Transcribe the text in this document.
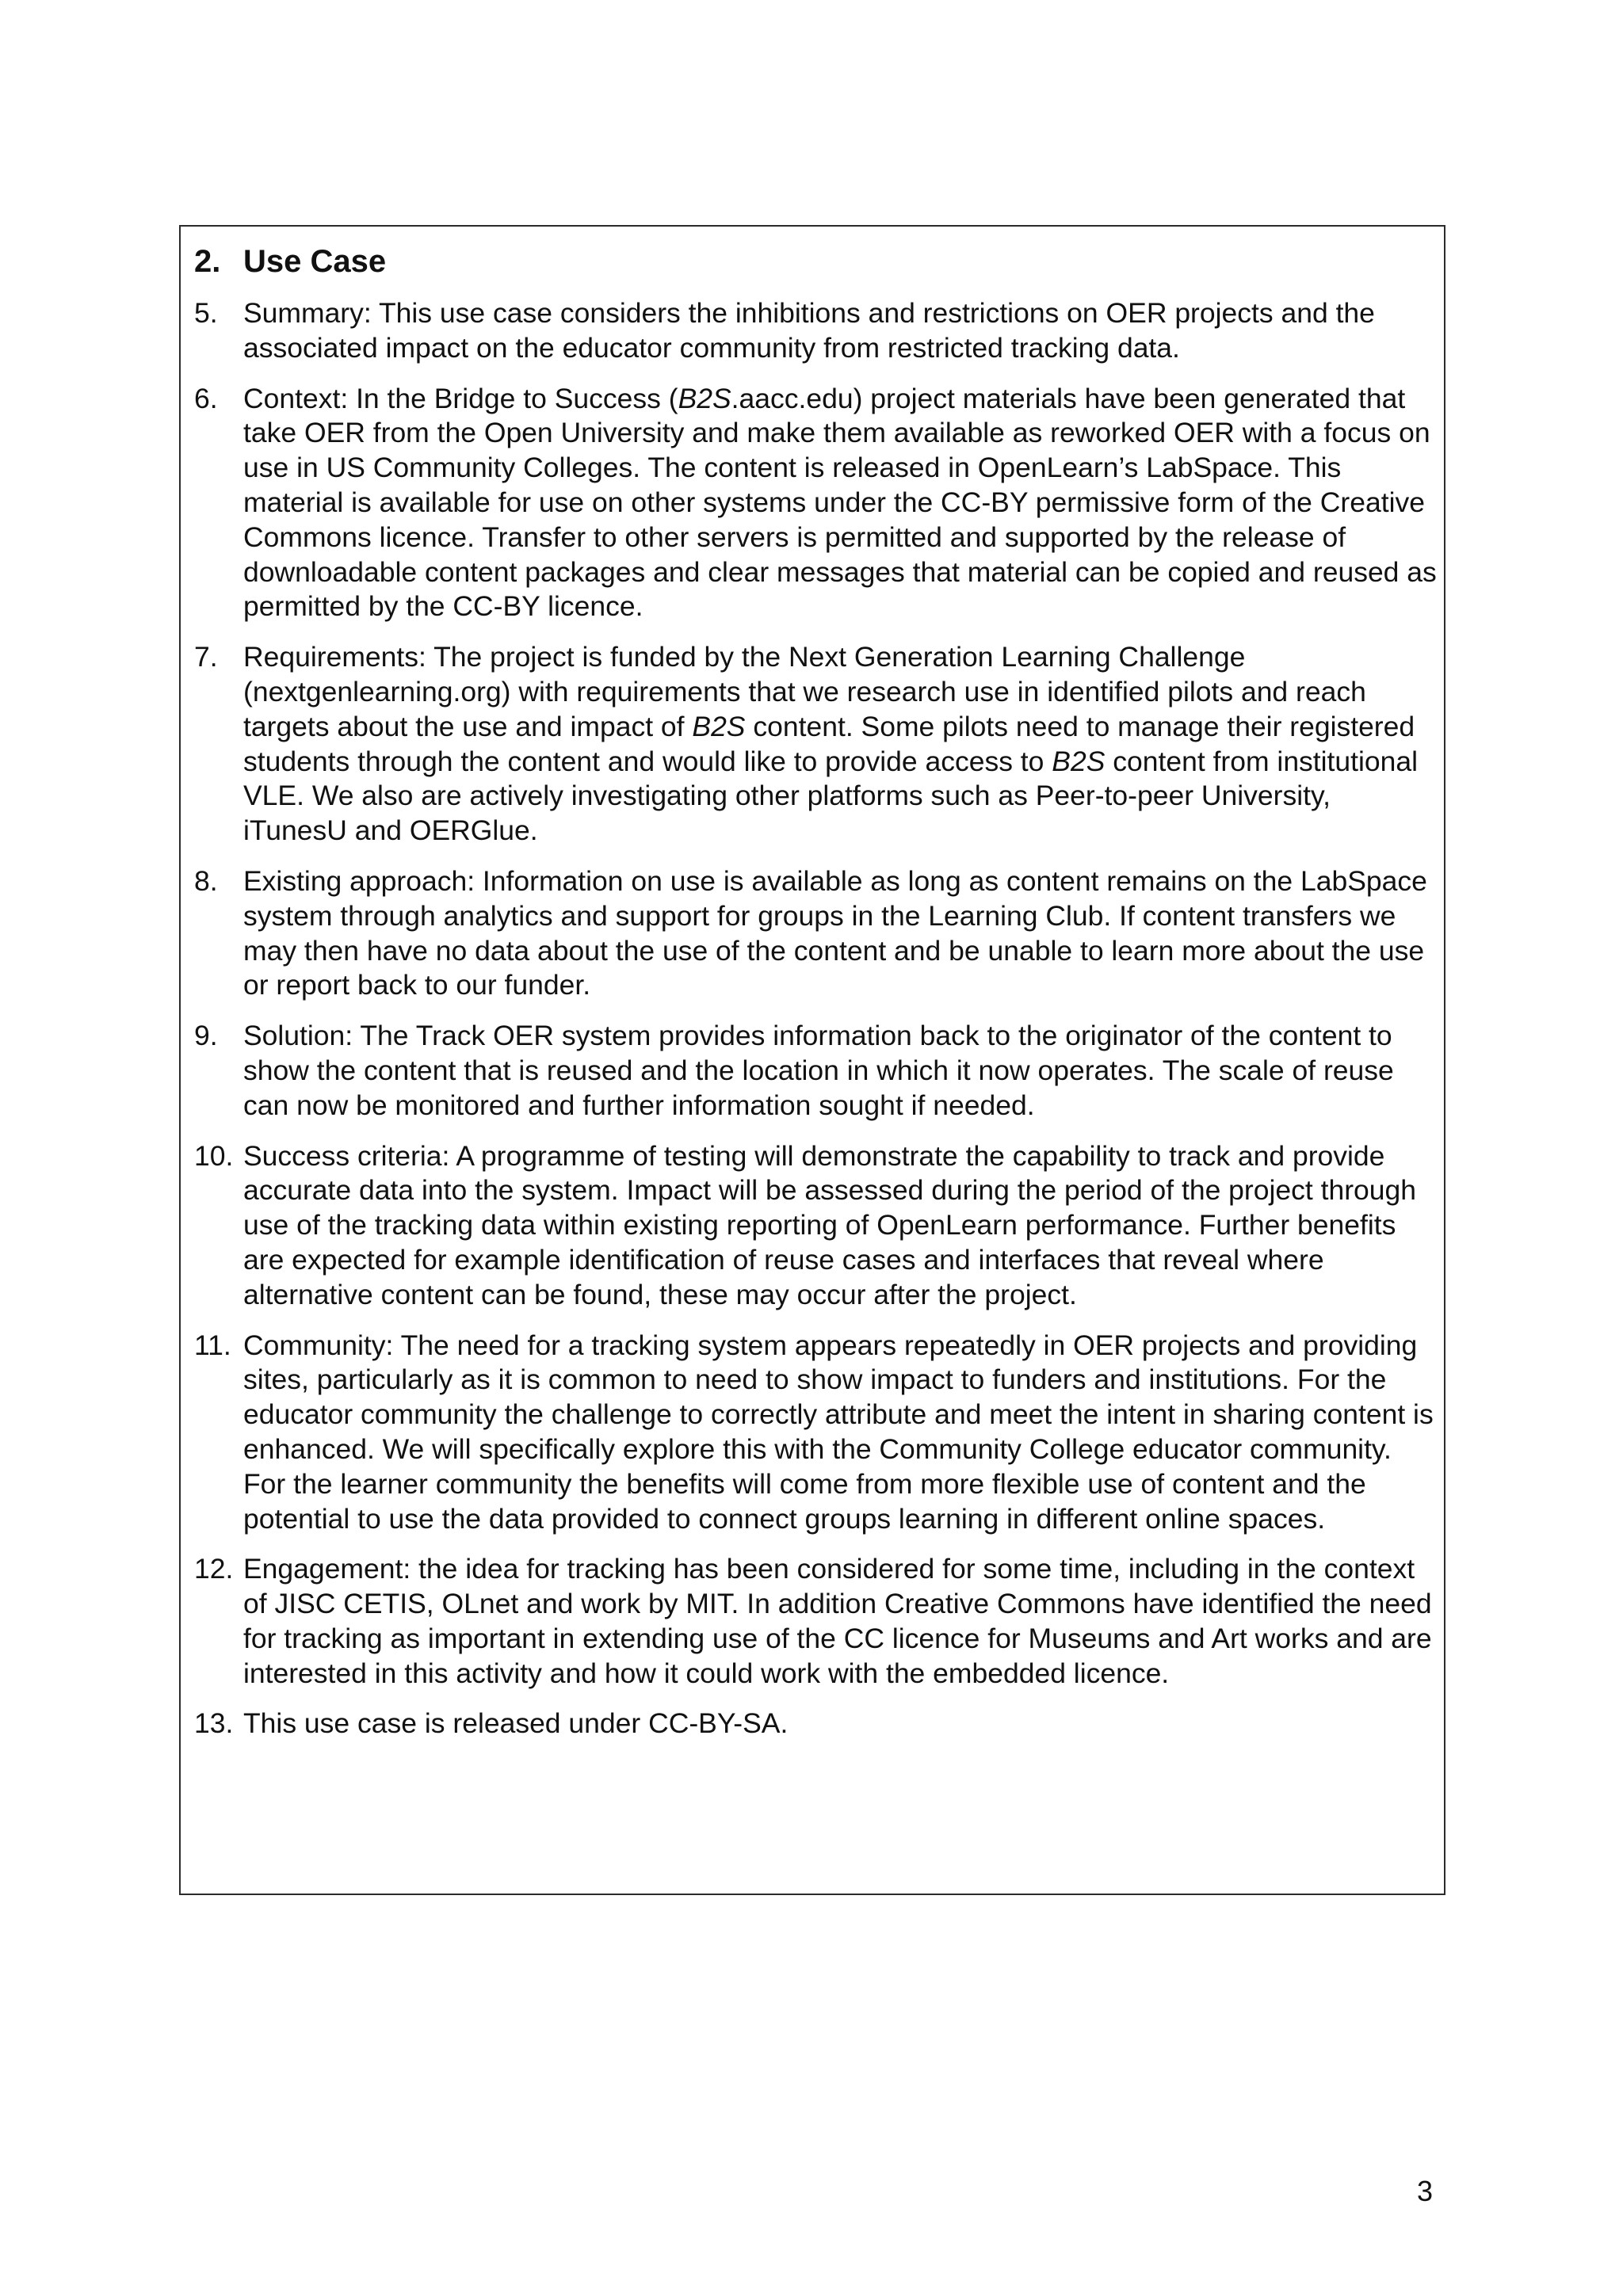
2. Use Case
5. Summary: This use case considers the inhibitions and restrictions on OER projects and the associated impact on the educator community from restricted tracking data.
6. Context: In the Bridge to Success (B2S.aacc.edu) project materials have been generated that take OER from the Open University and make them available as reworked OER with a focus on use in US Community Colleges. The content is released in OpenLearn’s LabSpace. This material is available for use on other systems under the CC-BY permissive form of the Creative Commons licence. Transfer to other servers is permitted and supported by the release of downloadable content packages and clear messages that material can be copied and reused as permitted by the CC-BY licence.
7. Requirements: The project is funded by the Next Generation Learning Challenge (nextgenlearning.org) with requirements that we research use in identified pilots and reach targets about the use and impact of B2S content. Some pilots need to manage their registered students through the content and would like to provide access to B2S content from institutional VLE. We also are actively investigating other platforms such as Peer-to-peer University, iTunesU and OERGlue.
8. Existing approach: Information on use is available as long as content remains on the LabSpace system through analytics and support for groups in the Learning Club. If content transfers we may then have no data about the use of the content and be unable to learn more about the use or report back to our funder.
9. Solution: The Track OER system provides information back to the originator of the content to show the content that is reused and the location in which it now operates. The scale of reuse can now be monitored and further information sought if needed.
10. Success criteria: A programme of testing will demonstrate the capability to track and provide accurate data into the system. Impact will be assessed during the period of the project through use of the tracking data within existing reporting of OpenLearn performance. Further benefits are expected for example identification of reuse cases and interfaces that reveal where alternative content can be found, these may occur after the project.
11. Community: The need for a tracking system appears repeatedly in OER projects and providing sites, particularly as it is common to need to show impact to funders and institutions. For the educator community the challenge to correctly attribute and meet the intent in sharing content is enhanced. We will specifically explore this with the Community College educator community. For the learner community the benefits will come from more flexible use of content and the potential to use the data provided to connect groups learning in different online spaces.
12. Engagement: the idea for tracking has been considered for some time, including in the context of JISC CETIS, OLnet and work by MIT. In addition Creative Commons have identified the need for tracking as important in extending use of the CC licence for Museums and Art works and are interested in this activity and how it could work with the embedded licence.
13. This use case is released under CC-BY-SA.
3
